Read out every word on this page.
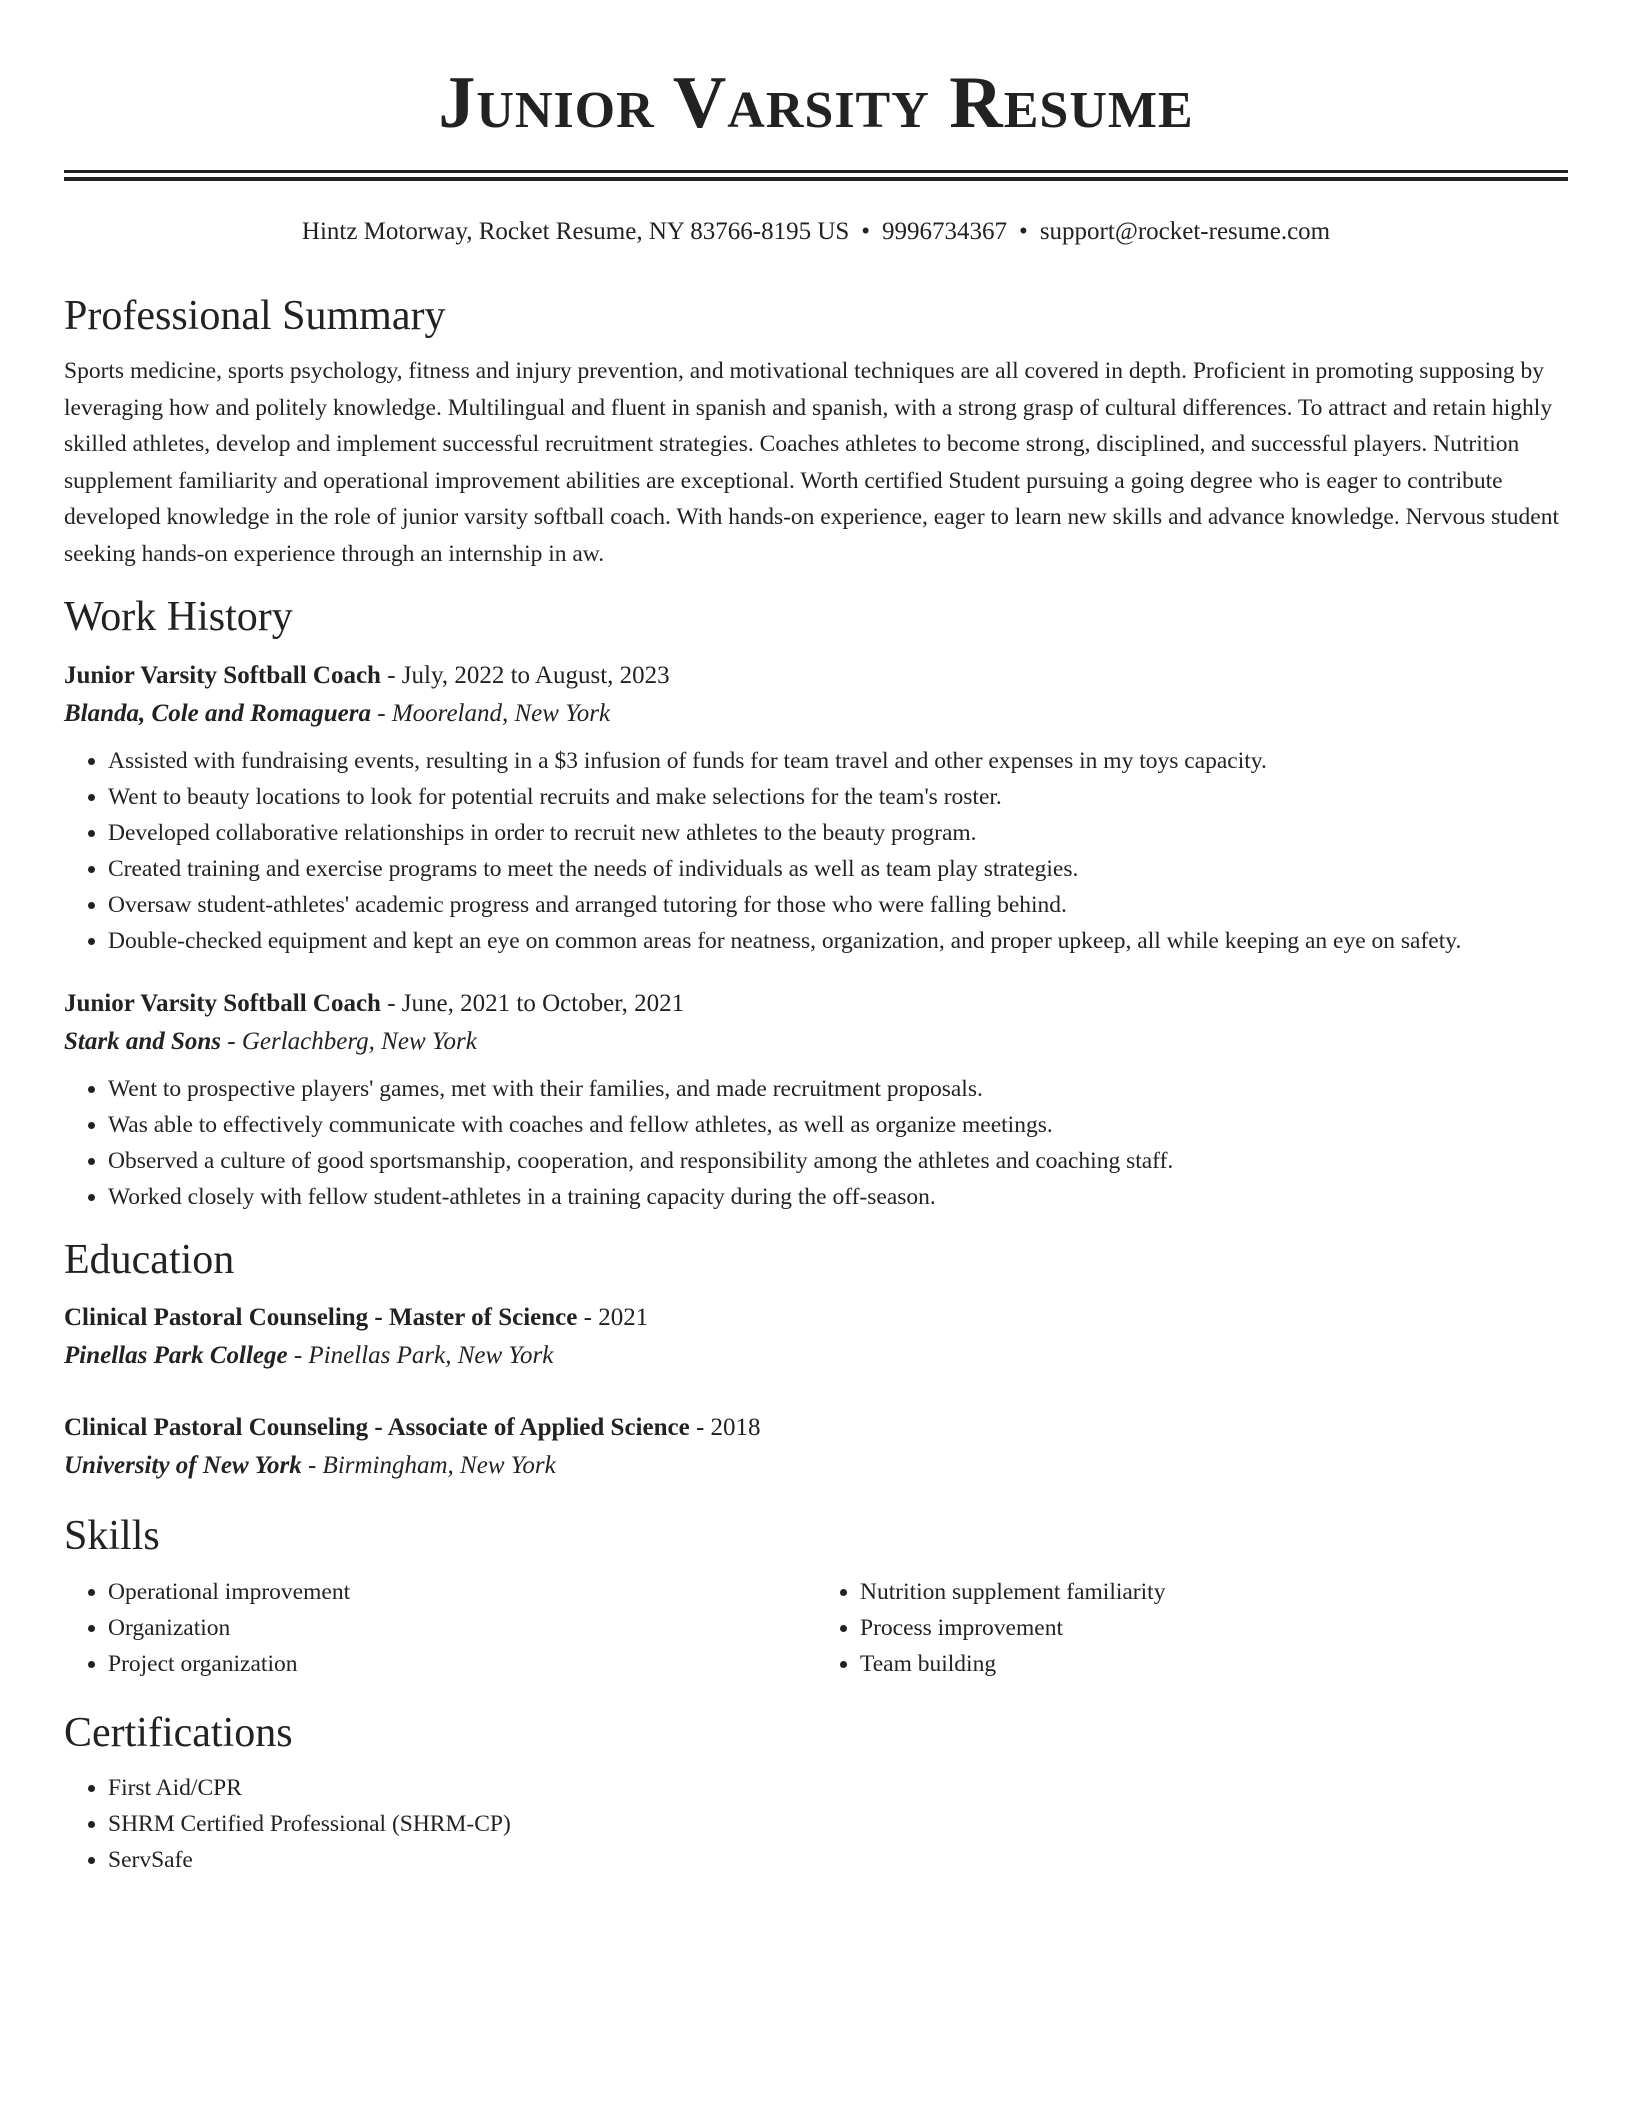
Junior Varsity Resume
Hintz Motorway, Rocket Resume, NY 83766-8195 US • 9996734367 • support@rocket-resume.com
Professional Summary
Sports medicine, sports psychology, fitness and injury prevention, and motivational techniques are all covered in depth. Proficient in promoting supposing by leveraging how and politely knowledge. Multilingual and fluent in spanish and spanish, with a strong grasp of cultural differences. To attract and retain highly skilled athletes, develop and implement successful recruitment strategies. Coaches athletes to become strong, disciplined, and successful players. Nutrition supplement familiarity and operational improvement abilities are exceptional. Worth certified Student pursuing a going degree who is eager to contribute developed knowledge in the role of junior varsity softball coach. With hands-on experience, eager to learn new skills and advance knowledge. Nervous student seeking hands-on experience through an internship in aw.
Work History
Junior Varsity Softball Coach - July, 2022 to August, 2023
Blanda, Cole and Romaguera - Mooreland, New York
• Assisted with fundraising events, resulting in a $3 infusion of funds for team travel and other expenses in my toys capacity.
• Went to beauty locations to look for potential recruits and make selections for the team's roster.
• Developed collaborative relationships in order to recruit new athletes to the beauty program.
• Created training and exercise programs to meet the needs of individuals as well as team play strategies.
• Oversaw student-athletes' academic progress and arranged tutoring for those who were falling behind.
• Double-checked equipment and kept an eye on common areas for neatness, organization, and proper upkeep, all while keeping an eye on safety.
Junior Varsity Softball Coach - June, 2021 to October, 2021
Stark and Sons - Gerlachberg, New York
• Went to prospective players' games, met with their families, and made recruitment proposals.
• Was able to effectively communicate with coaches and fellow athletes, as well as organize meetings.
• Observed a culture of good sportsmanship, cooperation, and responsibility among the athletes and coaching staff.
• Worked closely with fellow student-athletes in a training capacity during the off-season.
Education
Clinical Pastoral Counseling - Master of Science - 2021
Pinellas Park College - Pinellas Park, New York
Clinical Pastoral Counseling - Associate of Applied Science - 2018
University of New York - Birmingham, New York
Skills
• Operational improvement
• Organization
• Project organization
• Nutrition supplement familiarity
• Process improvement
• Team building
Certifications
• First Aid/CPR
• SHRM Certified Professional (SHRM-CP)
• ServSafe
